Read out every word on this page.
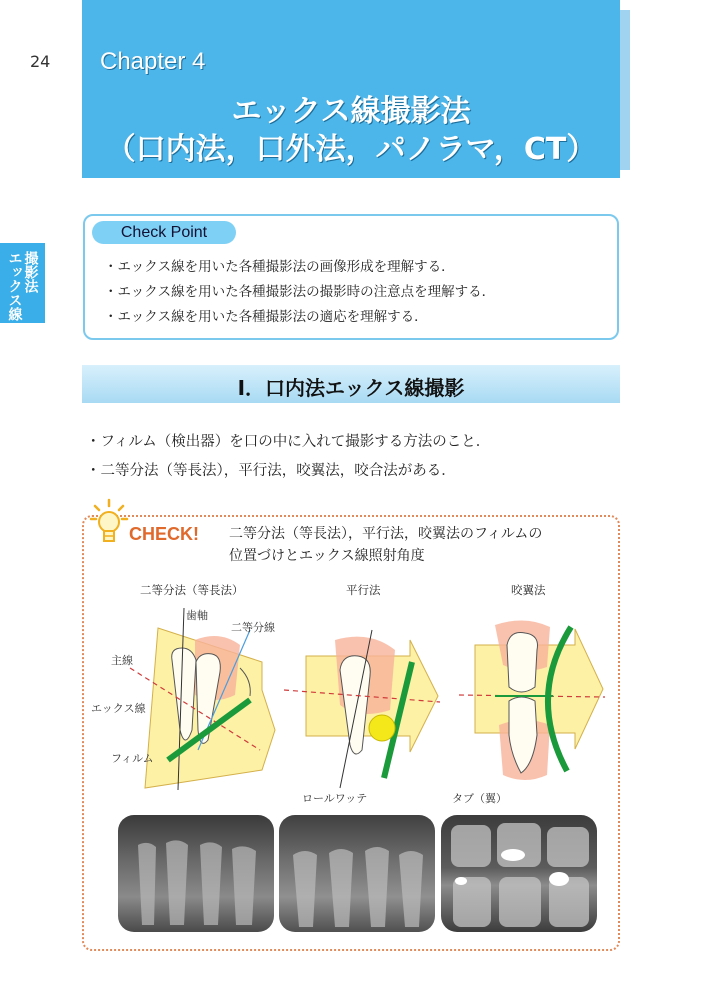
24
エックス線 撮影法
Chapter 4
エックス線撮影法
（口内法，口外法，パノラマ，CT）
Check Point
・エックス線を用いた各種撮影法の画像形成を理解する．
・エックス線を用いた各種撮影法の撮影時の注意点を理解する．
・エックス線を用いた各種撮影法の適応を理解する．
Ⅰ．口内法エックス線撮影
・フィルム（検出器）を口の中に入れて撮影する方法のこと．
・二等分法（等長法），平行法，咬翼法，咬合法がある．
CHECK! 二等分法（等長法），平行法，咬翼法のフィルムの
位置づけとエックス線照射角度
二等分法（等長法）	平行法	咬翼法
歯軸
二等分線
主線
エックス線
フィルム
ロールワッテ	タブ（翼）
